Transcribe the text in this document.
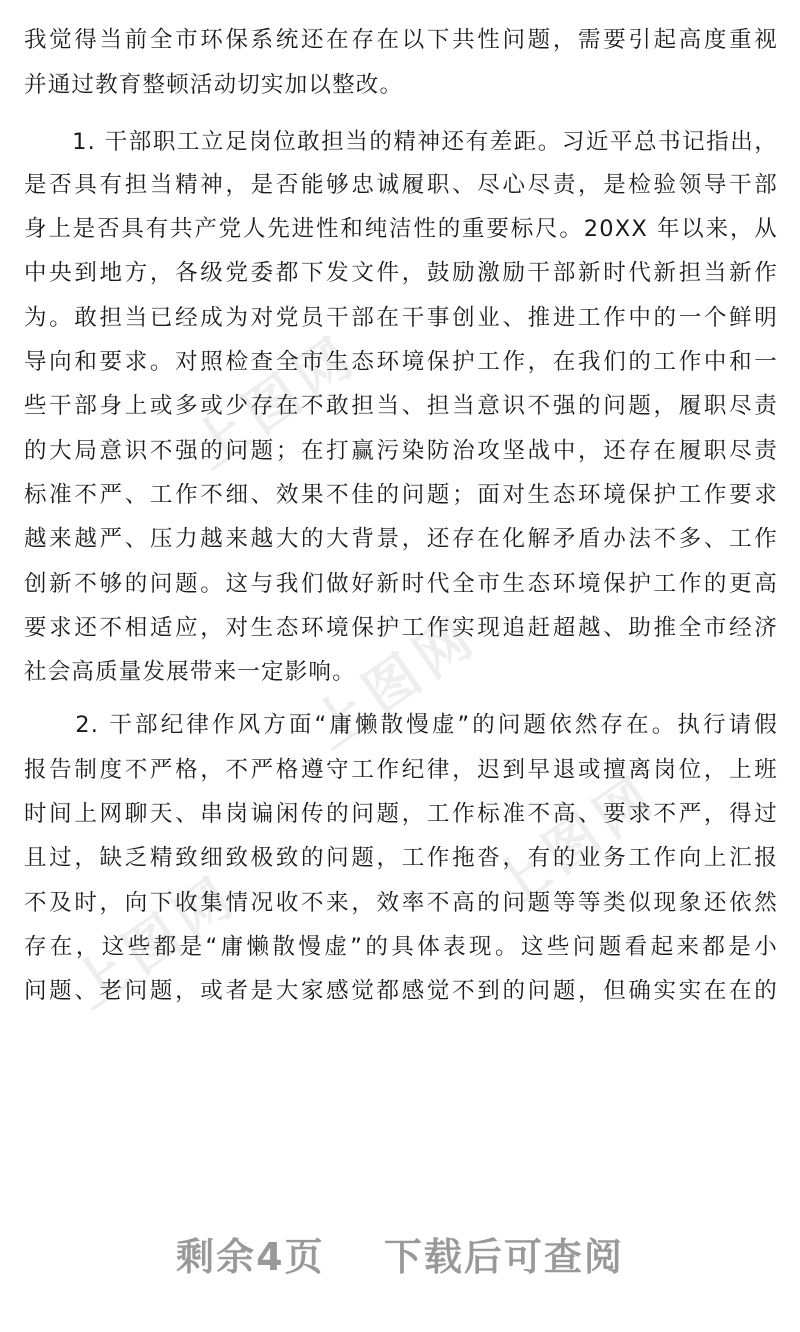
上图网
上图网
上图网
上图网
我觉得当前全市环保系统还在存在以下共性问题，需要引起高度重视
并通过教育整顿活动切实加以整改。
　　1. 干部职工立足岗位敢担当的精神还有差距。习近平总书记指出，
是否具有担当精神，是否能够忠诚履职、尽心尽责，是检验领导干部
身上是否具有共产党人先进性和纯洁性的重要标尺。20XX 年以来，从
中央到地方，各级党委都下发文件，鼓励激励干部新时代新担当新作
为。敢担当已经成为对党员干部在干事创业、推进工作中的一个鲜明
导向和要求。对照检查全市生态环境保护工作，在我们的工作中和一
些干部身上或多或少存在不敢担当、担当意识不强的问题，履职尽责
的大局意识不强的问题；在打赢污染防治攻坚战中，还存在履职尽责
标准不严、工作不细、效果不佳的问题；面对生态环境保护工作要求
越来越严、压力越来越大的大背景，还存在化解矛盾办法不多、工作
创新不够的问题。这与我们做好新时代全市生态环境保护工作的更高
要求还不相适应，对生态环境保护工作实现追赶超越、助推全市经济
社会高质量发展带来一定影响。
　　2. 干部纪律作风方面“庸懒散慢虚”的问题依然存在。执行请假
报告制度不严格，不严格遵守工作纪律，迟到早退或擅离岗位，上班
时间上网聊天、串岗谝闲传的问题，工作标准不高、要求不严，得过
且过，缺乏精致细致极致的问题，工作拖沓，有的业务工作向上汇报
不及时，向下收集情况收不来，效率不高的问题等等类似现象还依然
存在，这些都是“庸懒散慢虚”的具体表现。这些问题看起来都是小
问题、老问题，或者是大家感觉都感觉不到的问题，但确实实在在的
剩余4页 下载后可查阅
